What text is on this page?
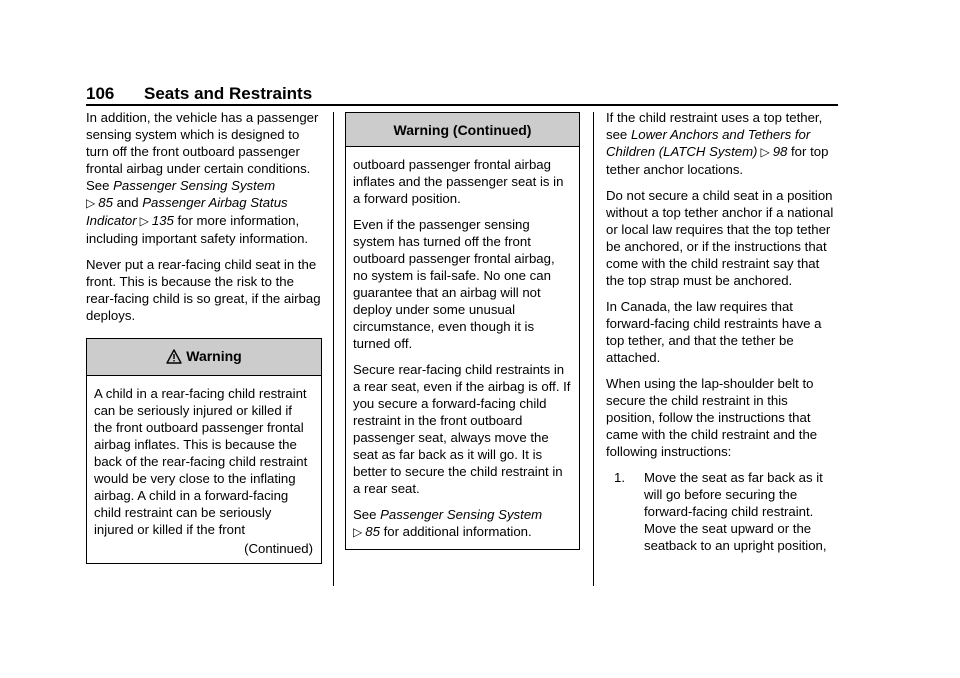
106 Seats and Restraints

In addition, the vehicle has a passenger sensing system which is designed to turn off the front outboard passenger frontal airbag under certain conditions.
See Passenger Sensing System
▷ 85 and Passenger Airbag Status Indicator ▷ 135 for more information, including important safety information.

Never put a rear-facing child seat in the front. This is because the risk to the rear-facing child is so great, if the airbag deploys.

Warning

A child in a rear-facing child restraint can be seriously injured or killed if the front outboard passenger frontal airbag inflates. This is because the back of the rear-facing child restraint would be very close to the inflating airbag. A child in a forward-facing child restraint can be seriously injured or killed if the front

(Continued)
Warning (Continued)

outboard passenger frontal airbag inflates and the passenger seat is in a forward position.

Even if the passenger sensing system has turned off the front outboard passenger frontal airbag, no system is fail-safe. No one can guarantee that an airbag will not deploy under some unusual circumstance, even though it is turned off.

Secure rear-facing child restraints in a rear seat, even if the airbag is off. If you secure a forward-facing child restraint in the front outboard passenger seat, always move the seat as far back as it will go. It is better to secure the child restraint in a rear seat.

See Passenger Sensing System
▷ 85 for additional information.

If the child restraint uses a top tether, see Lower Anchors and Tethers for Children (LATCH System) ▷ 98 for top tether anchor locations.

Do not secure a child seat in a position without a top tether anchor if a national or local law requires that the top tether be anchored, or if the instructions that come with the child restraint say that the top strap must be anchored.

In Canada, the law requires that forward-facing child restraints have a top tether, and that the tether be attached.

When using the lap-shoulder belt to secure the child restraint in this position, follow the instructions that came with the child restraint and the following instructions:

1. Move the seat as far back as it will go before securing the forward-facing child restraint. Move the seat upward or the seatback to an upright position,
